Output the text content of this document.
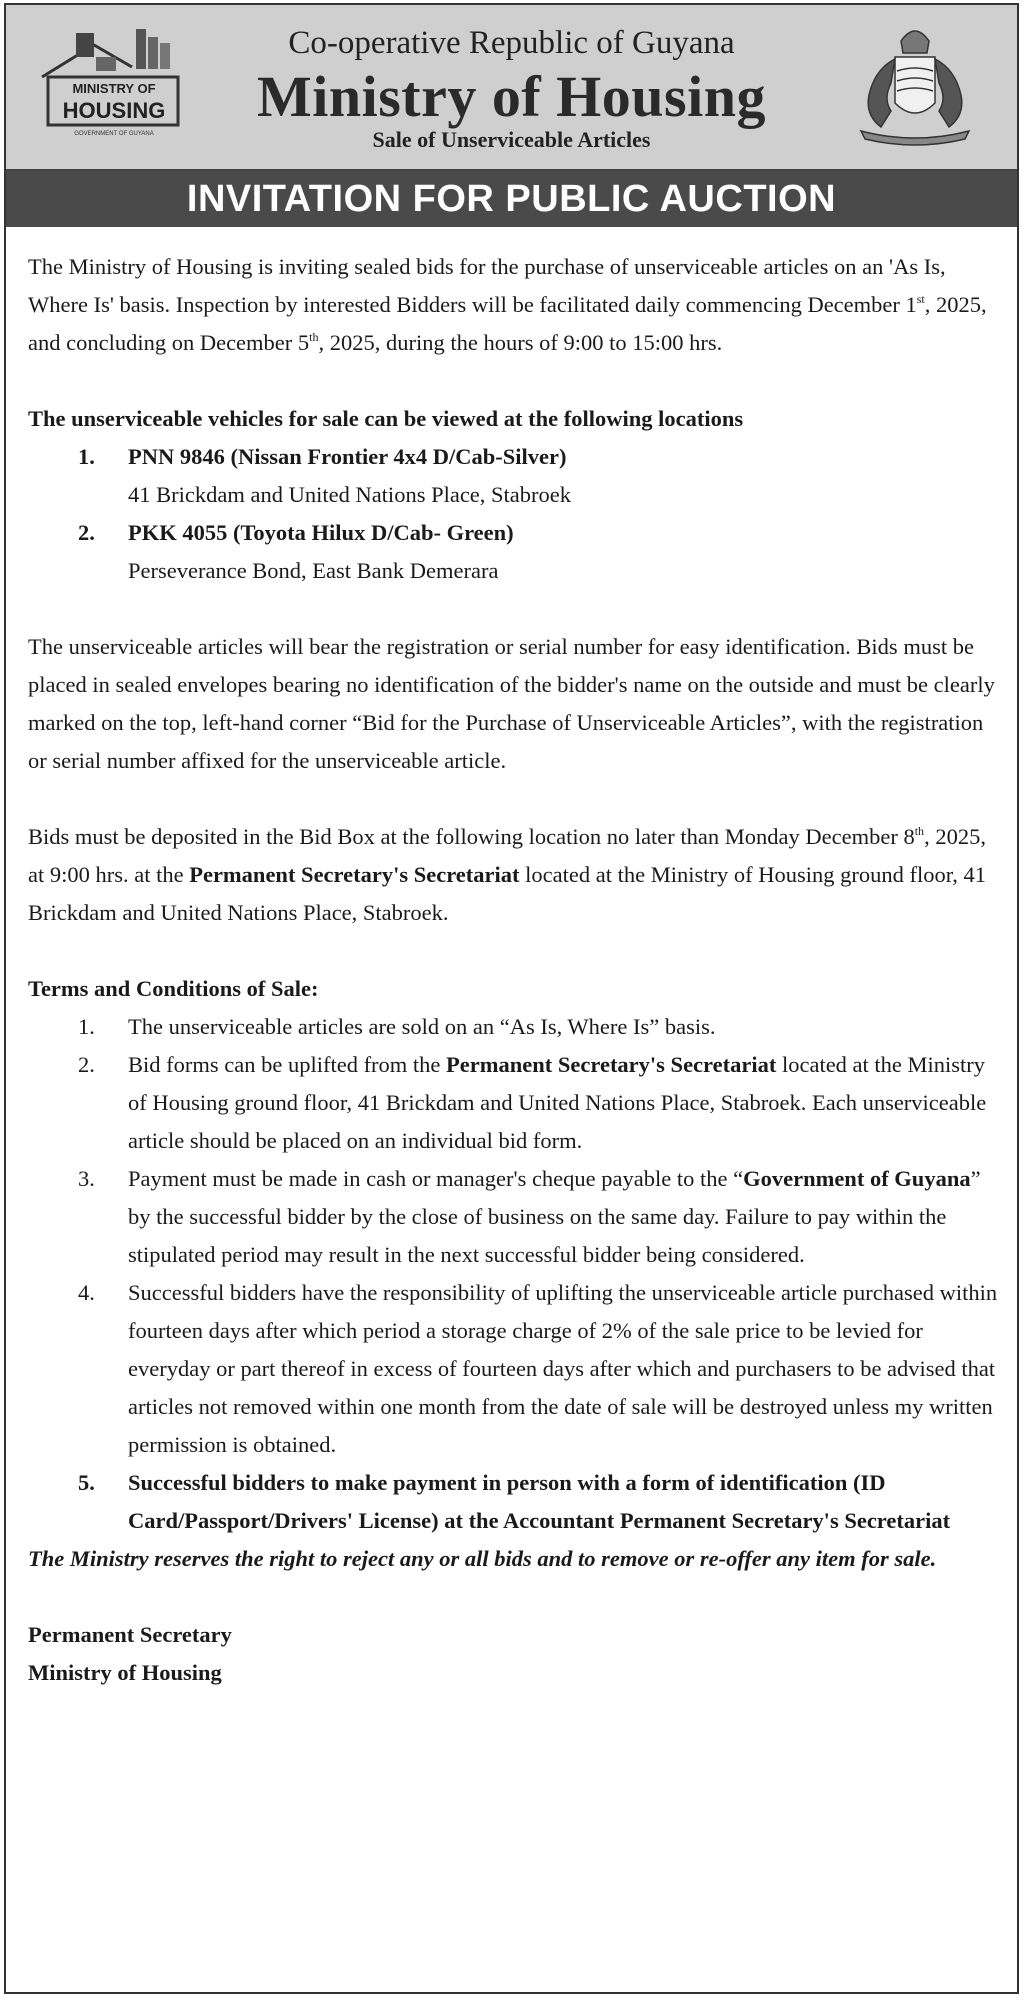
MINISTRY OF
HOUSING
GOVERNMENT OF GUYANA
Co-operative Republic of Guyana
Ministry of Housing
Sale of Unserviceable Articles
INVITATION FOR PUBLIC AUCTION

The Ministry of Housing is inviting sealed bids for the purchase of unserviceable articles on an 'As Is, Where Is' basis. Inspection by interested Bidders will be facilitated daily commencing December 1st, 2025, and concluding on December 5th, 2025, during the hours of 9:00 to 15:00 hrs.

The unserviceable vehicles for sale can be viewed at the following locations

1. PNN 9846 (Nissan Frontier 4x4 D/Cab-Silver)
41 Brickdam and United Nations Place, Stabroek
2. PKK 4055 (Toyota Hilux D/Cab- Green)
Perseverance Bond, East Bank Demerara

The unserviceable articles will bear the registration or serial number for easy identification. Bids must be placed in sealed envelopes bearing no identification of the bidder's name on the outside and must be clearly marked on the top, left-hand corner “Bid for the Purchase of Unserviceable Articles”, with the registration or serial number affixed for the unserviceable article.

Bids must be deposited in the Bid Box at the following location no later than Monday December 8th, 2025, at 9:00 hrs. at the Permanent Secretary's Secretariat located at the Ministry of Housing ground floor, 41 Brickdam and United Nations Place, Stabroek.

Terms and Conditions of Sale:

1. The unserviceable articles are sold on an “As Is, Where Is” basis.
2. Bid forms can be uplifted from the Permanent Secretary's Secretariat located at the Ministry of Housing ground floor, 41 Brickdam and United Nations Place, Stabroek. Each unserviceable article should be placed on an individual bid form.
3. Payment must be made in cash or manager's cheque payable to the “Government of Guyana” by the successful bidder by the close of business on the same day. Failure to pay within the stipulated period may result in the next successful bidder being considered.
4. Successful bidders have the responsibility of uplifting the unserviceable article purchased within fourteen days after which period a storage charge of 2% of the sale price to be levied for everyday or part thereof in excess of fourteen days after which and purchasers to be advised that articles not removed within one month from the date of sale will be destroyed unless my written permission is obtained.
5. Successful bidders to make payment in person with a form of identification (ID Card/Passport/Drivers' License) at the Accountant Permanent Secretary's Secretariat

The Ministry reserves the right to reject any or all bids and to remove or re-offer any item for sale.

Permanent Secretary

Ministry of Housing
